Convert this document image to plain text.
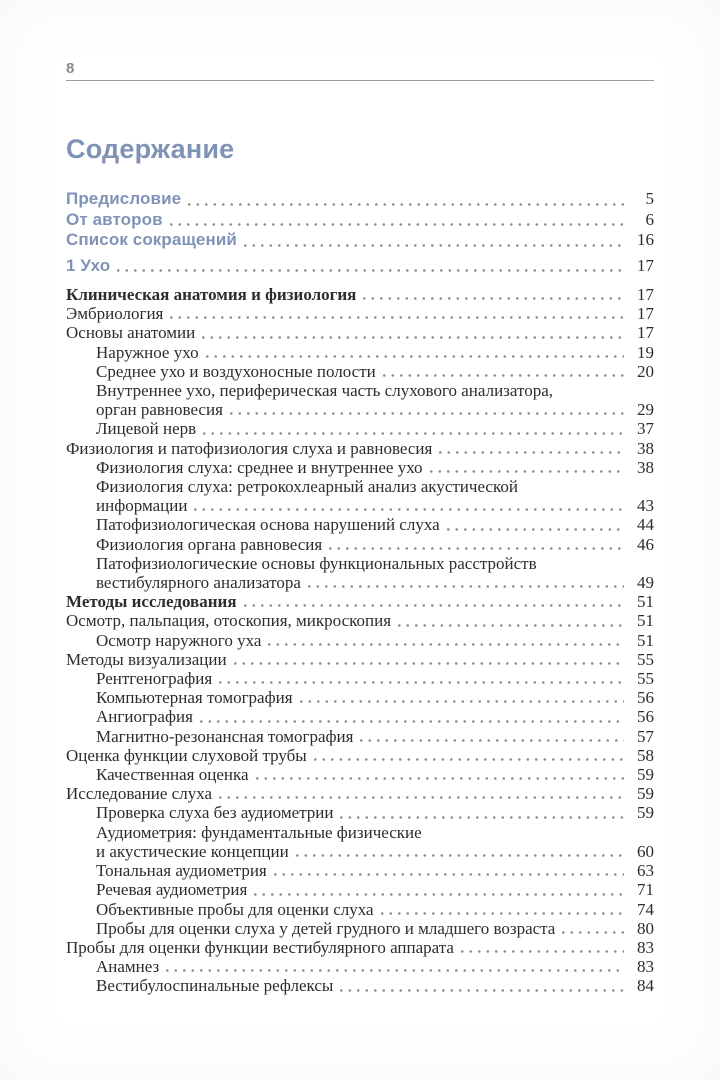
8
Содержание
Предисловие	5
От авторов	6
Список сокращений	16
1 Ухо	17
Клиническая анатомия и физиология	17
Эмбриология	17
Основы анатомии	17
Наружное ухо	19
Среднее ухо и воздухоносные полости	20
Внутреннее ухо, периферическая часть слухового анализатора,
орган равновесия	29
Лицевой нерв	37
Физиология и патофизиология слуха и равновесия	38
Физиология слуха: среднее и внутреннее ухо	38
Физиология слуха: ретрокохлеарный анализ акустической
информации	43
Патофизиологическая основа нарушений слуха	44
Физиология органа равновесия	46
Патофизиологические основы функциональных расстройств
вестибулярного анализатора	49
Методы исследования	51
Осмотр, пальпация, отоскопия, микроскопия	51
Осмотр наружного уха	51
Методы визуализации	55
Рентгенография	55
Компьютерная томография	56
Ангиография	56
Магнитно-резонансная томография	57
Оценка функции слуховой трубы	58
Качественная оценка	59
Исследование слуха	59
Проверка слуха без аудиометрии	59
Аудиометрия: фундаментальные физические
и акустические концепции	60
Тональная аудиометрия	63
Речевая аудиометрия	71
Объективные пробы для оценки слуха	74
Пробы для оценки слуха у детей грудного и младшего возраста	80
Пробы для оценки функции вестибулярного аппарата	83
Анамнез	83
Вестибулоспинальные рефлексы	84
